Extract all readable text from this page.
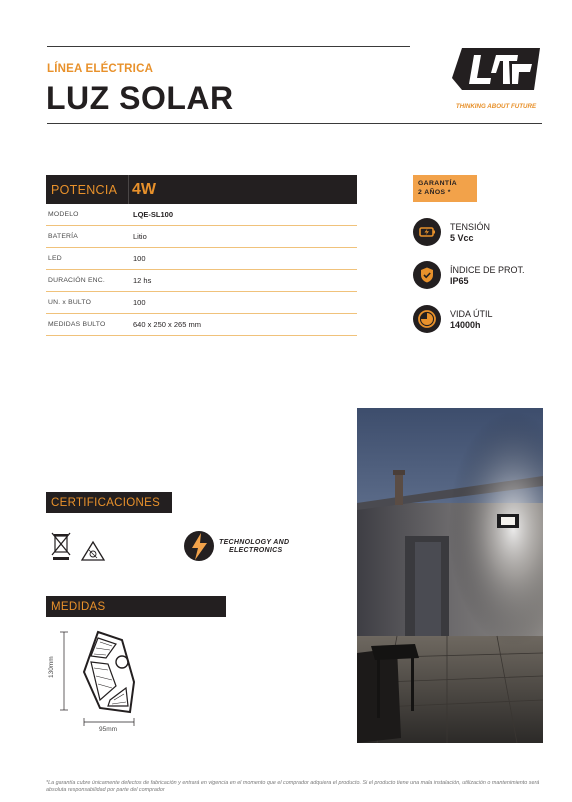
LÍNEA ELÉCTRICA
LUZ SOLAR	THINKING ABOUT FUTURE
POTENCIA 4W
MODELO	LQE-SL100
BATERÍA	Litio
LED	100
DURACIÓN ENC.	12 hs
UN. x BULTO	100
MEDIDAS BULTO	640 x 250 x 265 mm
GARANTÍA
2 AÑOS *
TENSIÓN
5 Vcc
ÍNDICE DE PROT.
IP65
VIDA ÚTIL
14000h
CERTIFICACIONES
TECHNOLOGY AND
ELECTRONICS
MEDIDAS
130mm
95mm
*La garantía cubre únicamente defectos de fabricación y entrará en vigencia en el momento que el comprador adquiera el producto. Si el producto tiene una mala instalación, utilización o mantenimiento será absoluta responsabilidad por parte del comprador
